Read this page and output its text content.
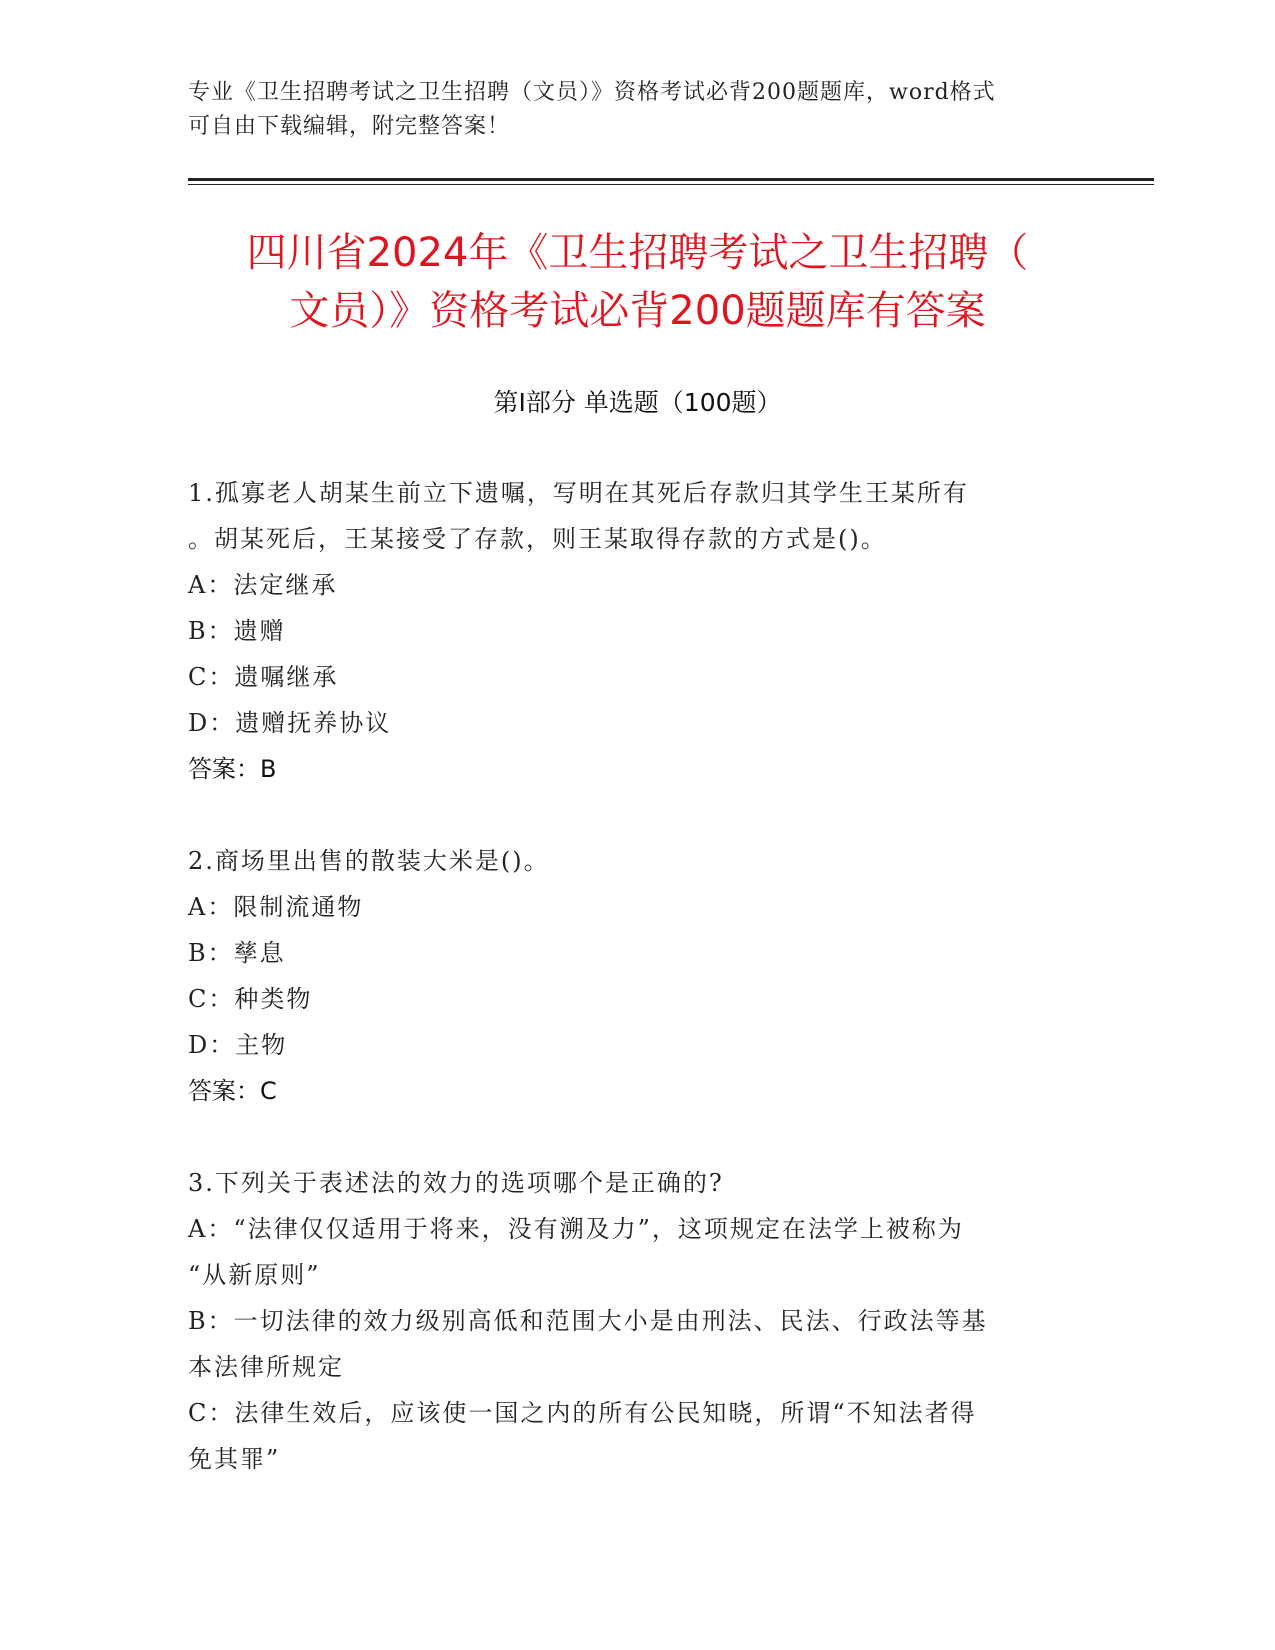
专业《卫生招聘考试之卫生招聘（文员）》资格考试必背200题题库，word格式
可自由下载编辑，附完整答案！
四川省2024年《卫生招聘考试之卫生招聘（
文员）》资格考试必背200题题库有答案
第Ⅰ部分 单选题（100题）
1.孤寡老人胡某生前立下遗嘱，写明在其死后存款归其学生王某所有
。胡某死后，王某接受了存款，则王某取得存款的方式是()。
A：法定继承
B：遗赠
C：遗嘱继承
D：遗赠抚养协议
答案：B
2.商场里出售的散装大米是()。
A：限制流通物
B：孳息
C：种类物
D：主物
答案：C
3.下列关于表述法的效力的选项哪个是正确的?
A：“法律仅仅适用于将来，没有溯及力”，这项规定在法学上被称为
“从新原则”
B：一切法律的效力级别高低和范围大小是由刑法、民法、行政法等基
本法律所规定
C：法律生效后，应该使一国之内的所有公民知晓，所谓“不知法者得
免其罪”
